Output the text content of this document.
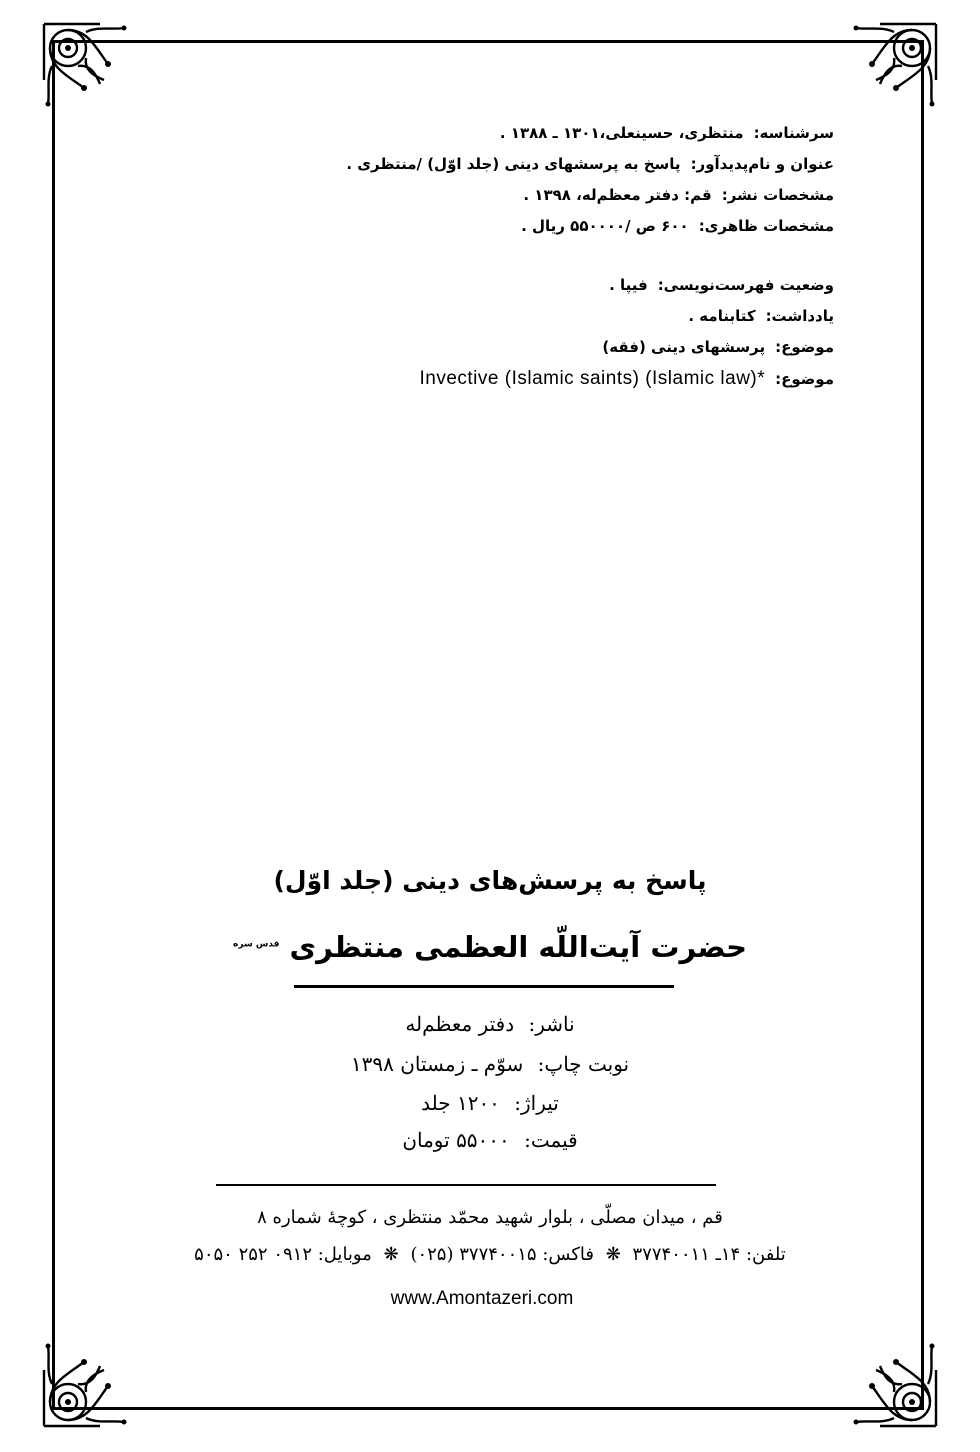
سرشناسه:
منتظری، حسینعلی،۱۳۰۱ ـ ۱۳۸۸ .
عنوان و نام‌پدیدآور:
پاسخ به پرسشهای دینی (جلد اوّل) /منتظری .
مشخصات نشر:
قم: دفتر معظم‌له، ۱۳۹۸ .
مشخصات ظاهری:
۶۰۰ ص /۵۵۰۰۰۰ ریال .
وضعیت فهرست‌نویسی:
فیپا .
یادداشت:
کتابنامه .
موضوع:
پرسشهای دینی (فقه)
موضوع:
Invective (Islamic saints) (Islamic law)*
پاسخ به پرسش‌های دینی (جلد اوّل)
حضرت آیت‌اللّه العظمی منتظری $^{قدس سره}$
ناشر: دفتر معظم‌له
نوبت چاپ: سوّم ـ زمستان ۱۳۹۸
تیراژ: ۱۲۰۰ جلد
قیمت: ۵۵۰۰۰ تومان
قم ، میدان مصلّی ، بلوار شهید محمّد منتظری ، کوچۀ شماره ۸
تلفن: ۱۴ـ ۳۷۷۴۰۰۱۱ ❋ فاکس: ۳۷۷۴۰۰۱۵ (۰۲۵) ❋ موبایل: ۰۹۱۲ ۲۵۲ ۵۰۵۰
www.Amontazeri.com
